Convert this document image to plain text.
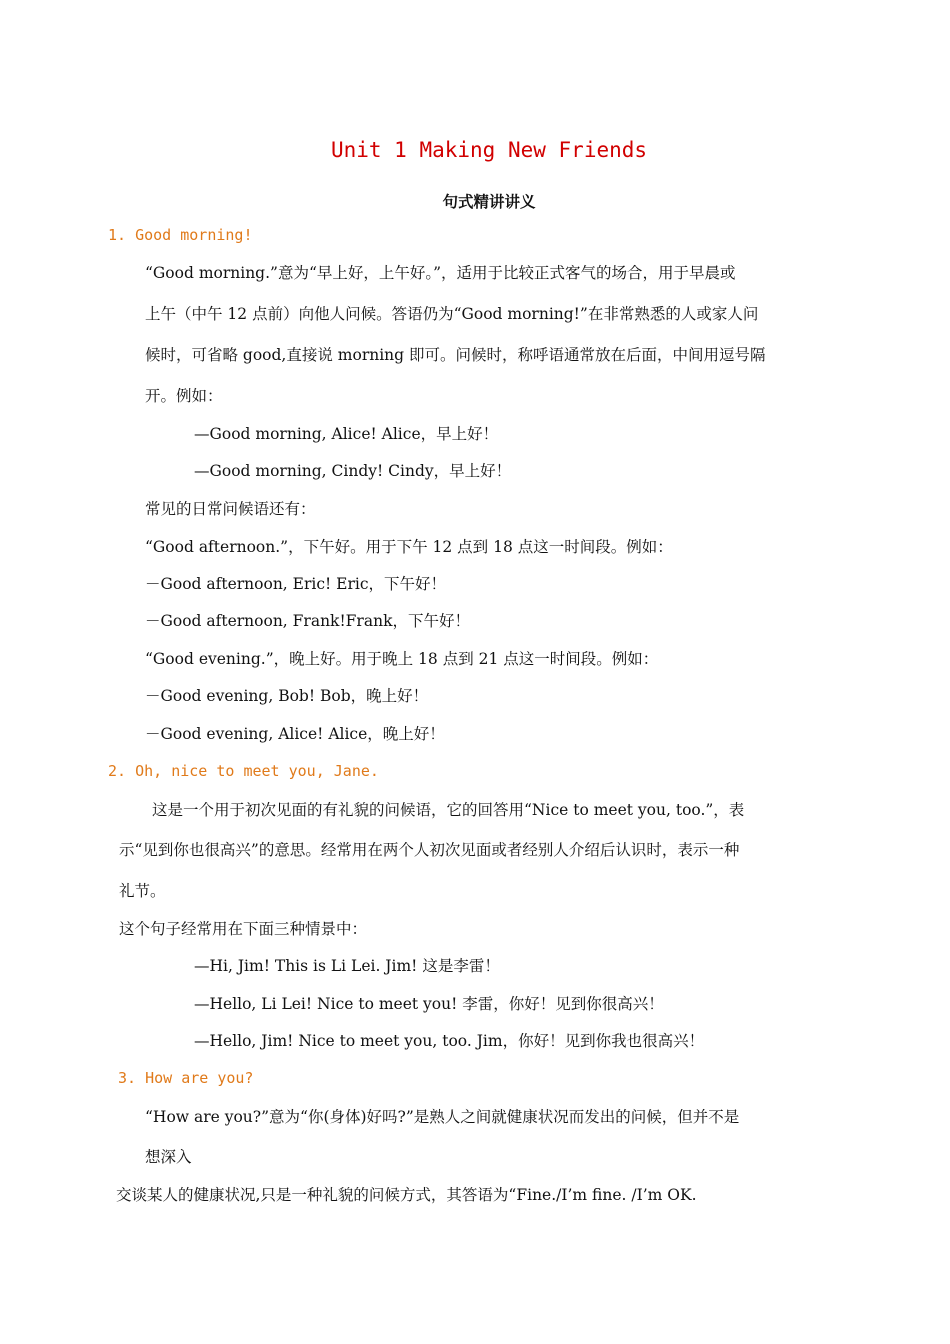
Unit 1 Making New Friends
句式精讲讲义
1. Good morning!
“Good morning.”意为“早上好，上午好。”，适用于比较正式客气的场合，用于早晨或
上午（中午 12 点前）向他人问候。答语仍为“Good morning!”在非常熟悉的人或家人问
候时，可省略 good,直接说 morning 即可。问候时，称呼语通常放在后面，中间用逗号隔
开。例如：
—Good morning, Alice! Alice，早上好！
—Good morning, Cindy! Cindy，早上好！
常见的日常问候语还有：
“Good afternoon.”，下午好。用于下午 12 点到 18 点这一时间段。例如：
－Good afternoon, Eric! Eric，下午好！
－Good afternoon, Frank!Frank，下午好！
“Good evening.”，晚上好。用于晚上 18 点到 21 点这一时间段。例如：
－Good evening, Bob! Bob，晚上好！
－Good evening, Alice! Alice，晚上好！
2. Oh, nice to meet you, Jane.
这是一个用于初次见面的有礼貌的问候语，它的回答用“Nice to meet you, too.”，表
示“见到你也很高兴”的意思。经常用在两个人初次见面或者经别人介绍后认识时，表示一种
礼节。
这个句子经常用在下面三种情景中：
—Hi, Jim! This is Li Lei. Jim! 这是李雷！
—Hello, Li Lei! Nice to meet you! 李雷，你好！见到你很高兴！
—Hello, Jim! Nice to meet you, too. Jim，你好！见到你我也很高兴！
3. How are you?
“How are you?”意为“你(身体)好吗?”是熟人之间就健康状况而发出的问候，但并不是
想深入
交谈某人的健康状况,只是一种礼貌的问候方式，其答语为“Fine./I’m fine. /I’m OK.
